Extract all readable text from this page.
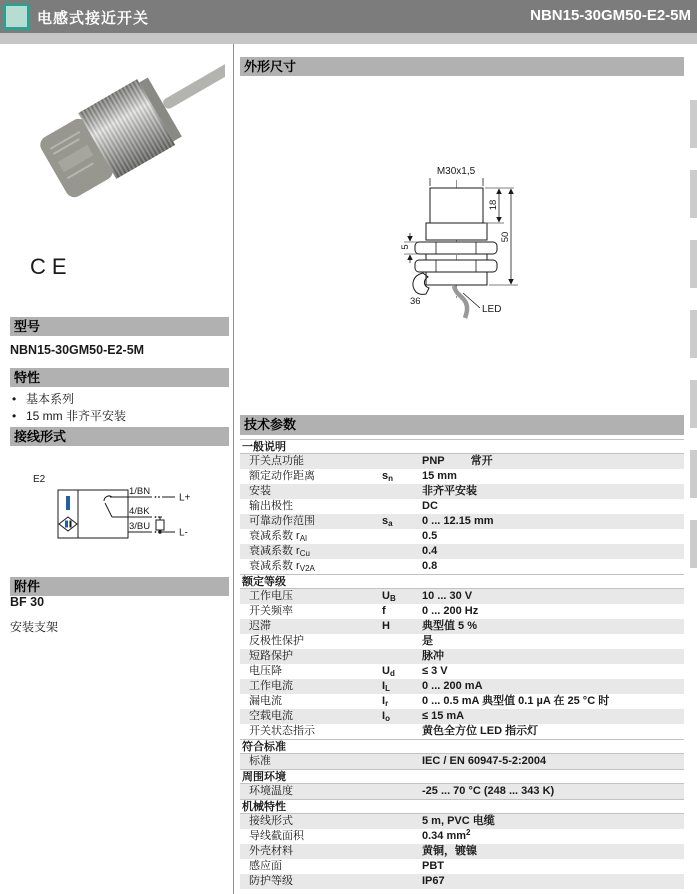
电感式接近开关	NBN15-30GM50-E2-5M
CE
型号
NBN15-30GM50-E2-5M
特性
• 基本系列
• 15 mm 非齐平安装
接线形式
E2
1/BN
L+
4/BK
3/BU
L-
附件
BF 30
安装支架
外形尺寸
M30x1,5
18
50
5
36
LED
技术参数
一般说明
开关点功能	PNP 常开
额定动作距离	$s_n$	15 mm
安装	非齐平安装
输出极性	DC
可靠动作范围	$s_a$	0 ... 12.15 mm
衰减系数 $r_{Al}$	0.5
衰减系数 $r_{Cu}$	0.4
衰减系数 $r_{V2A}$	0.8
额定等级
工作电压	$U_B$	10 ... 30 V
开关频率	f	0 ... 200 Hz
迟滞	H	典型值 5 %
反极性保护	是
短路保护	脉冲
电压降	$U_d$	≤ 3 V
工作电流	$I_L$	0 ... 200 mA
漏电流	$I_r$	0 ... 0.5 mA 典型值 0.1 µA 在 25 °C 时
空载电流	$I_o$	≤ 15 mA
开关状态指示	黄色全方位 LED 指示灯
符合标准
标准	IEC / EN 60947-5-2:2004
周围环境
环境温度	-25 ... 70 °C (248 ... 343 K)
机械特性
接线形式	5 m, PVC 电缆
导线截面积	0.34 $mm^2$
外壳材料	黄铜，镀镍
感应面	PBT
防护等级	IP67
